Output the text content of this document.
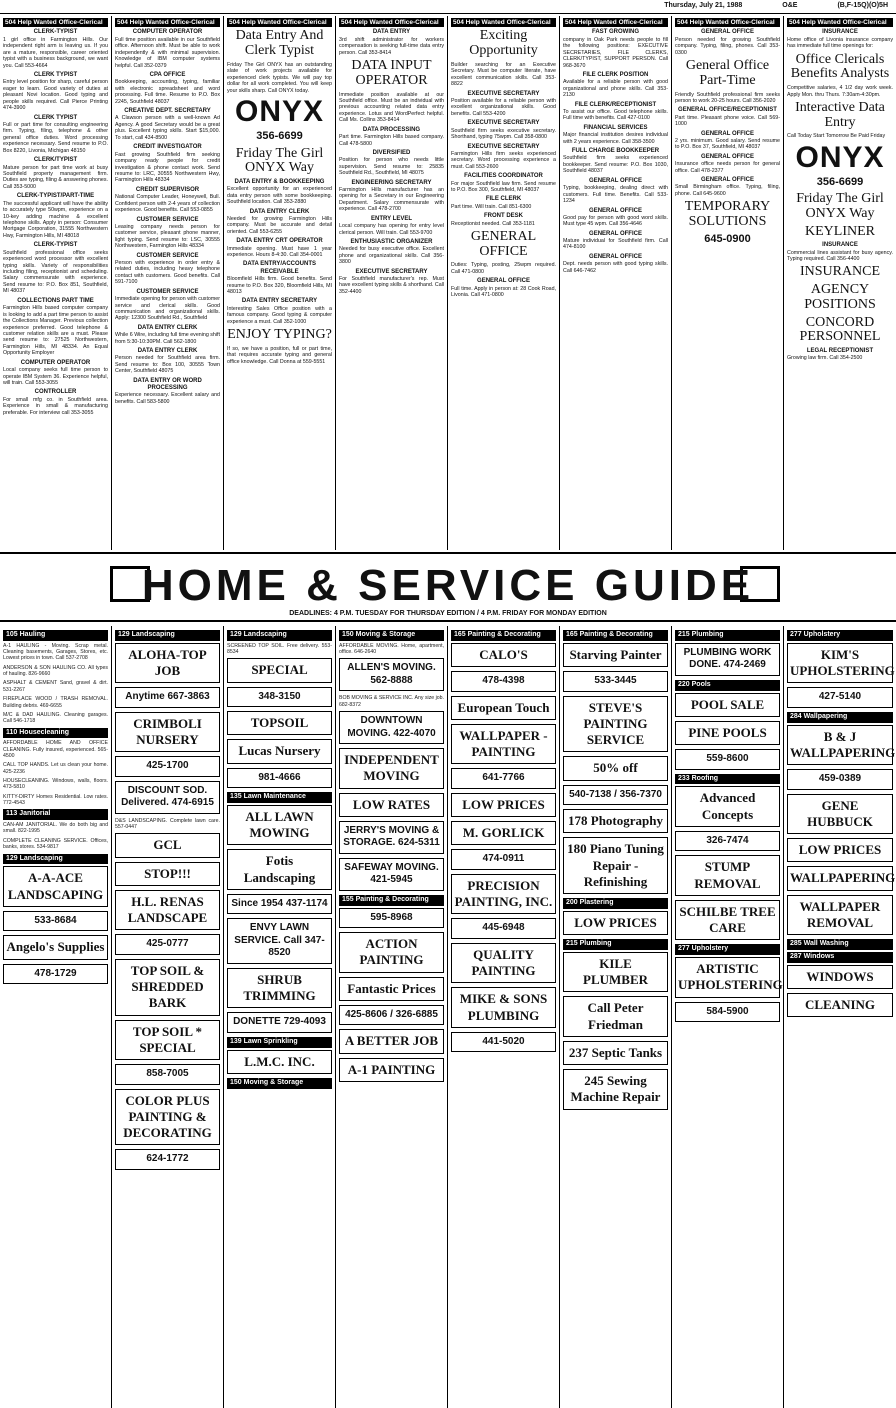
Thursday, July 21, 1988	O&E	(B,F-15Q)(O)5H
504 Help Wanted Office-Clerical
CLERK-TYPIST
1 girl office in Farmington Hills. Our independent right arm is leaving us. If you are a mature, responsible, career oriented typist with a business background, we want you. Call 553-4664
CLERK TYPIST
Entry level position for sharp, careful person eager to learn. Good variety of duties at pleasant Novi location. Good typing and people skills required. Call Pierce Printing 474-3900
CLERK TYPIST
Full or part time for consulting engineering firm. Typing, filing, telephone & other general office duties. Word processing experience necessary. Send resume to P.O. Box 8220, Livonia, Michigan 48150
CLERK/TYPIST
Mature person for part time work at busy Southfield property management firm. Duties are typing, filing & answering phones. Call 353-5000
CLERK-TYPIST/PART-TIME
The successful applicant will have the ability to accurately type 50wpm, experience on a 10-key adding machine & excellent telephone skills. Apply in person: Consumer Mortgage Corporation, 31555 Northwestern Hwy, Farmington Hills, MI 48018
CLERK-TYPIST
Southfield professional office seeks experienced word processor with excellent typing skills. Variety of responsibilities including filing, receptionist and scheduling. Salary commensurate with experience. Send resume to: P.O. Box 851, Southfield, MI 48037
COLLECTIONS PART TIME
Farmington Hills based computer company is looking to add a part time person to assist the Collections Manager. Previous collection experience preferred. Good telephone & customer relation skills are a must. Please send resume to: 27525 Northwestern, Farmington Hills, MI 48334. An Equal Opportunity Employer
COMPUTER OPERATOR
Local company seeks full time person to operate IBM System 36. Experience helpful, will train. Call 553-3055
CONTROLLER
For small mfg co. in Southfield area. Experience in small & manufacturing preferable. For interview call 353-3055
504 Help Wanted Office-Clerical
COMPUTER OPERATOR
Full time position available in our Southfield office. Afternoon shift. Must be able to work independently & with minimal supervision. Knowledge of IBM computer systems helpful. Call 352-0379
CPA OFFICE
Bookkeeping, accounting, typing, familiar with electronic spreadsheet and word processing. Full time. Resume to P.O. Box 2245, Southfield 48037
CREATIVE DEPT. SECRETARY
A Clawson person with a well-known Ad Agency. A good Secretary would be a great plus. Excellent typing skills. Start $15,000. To start, call 434-8500
CREDIT INVESTIGATOR
Fast growing Southfield firm seeking company ready people for credit investigation & phone contact work. Send resume to: LRC, 30555 Northwestern Hwy, Farmington Hills 48334
CREDIT SUPERVISOR
National Computer Leader, Honeywell, Bull. Confident person with 2-4 years of collection experience. Good benefits. Call 553-0855
CUSTOMER SERVICE
Leasing company needs person for customer service, pleasant phone manner, light typing. Send resume to: LSC, 30555 Northwestern, Farmington Hills 48334
CUSTOMER SERVICE
Person with experience in order entry & related duties, including heavy telephone contact with customers. Good benefits. Call 591-7100
CUSTOMER SERVICE
Immediate opening for person with customer service and clerical skills. Good communication and organizational skills. Apply: 12300 Southfield Rd., Southfield
DATA ENTRY CLERK
While 6 Wire, including full time evening shift from 5:30-10:30PM. Call 562-1800
DATA ENTRY CLERK
Person needed for Southfield area firm. Send resume to: Box 100, 30555 Town Center, Southfield 48075
DATA ENTRY OR WORD PROCESSING
Experience necessary. Excellent salary and benefits. Call 583-5800
504 Help Wanted Office-Clerical
Data Entry And Clerk Typist
Friday The Girl ONYX has an outstanding slate of work projects available for experienced clerk typists. We will pay top dollar for all work completed. You will keep your skills sharp. Call ONYX today.
ONYX
356-6699
Friday The Girl ONYX Way
DATA ENTRY & BOOKKEEPING
Excellent opportunity for an experienced data entry person with some bookkeeping. Southfield location. Call 353-2880
DATA ENTRY CLERK
Needed for growing Farmington Hills company. Must be accurate and detail oriented. Call 553-6255
DATA ENTRY CRT OPERATOR
Immediate opening. Must have 1 year experience. Hours 8-4:30. Call 354-0001
DATA ENTRY/ACCOUNTS RECEIVABLE
Bloomfield Hills firm. Good benefits. Send resume to P.O. Box 320, Bloomfield Hills, MI 48013
DATA ENTRY SECRETARY
Interesting Sales Office position with a famous company. Good typing & computer experience a must. Call 352-1000
ENJOY TYPING?
If so, we have a position, full or part time, that requires accurate typing and general office knowledge. Call Donna at 559-5551
504 Help Wanted Office-Clerical
DATA ENTRY
3rd shift administrator for workers compensation is seeking full-time data entry person. Call 353-8414
DATA INPUT OPERATOR
Immediate position available at our Southfield office. Must be an individual with previous accounting related data entry experience. Lotus and WordPerfect helpful. Call Ms. Collins 353-8414
DATA PROCESSING
Part time. Farmington Hills based company. Call 478-5800
DIVERSIFIED
Position for person who needs little supervision. Send resume to: 25835 Southfield Rd., Southfield, MI 48075
ENGINEERING SECRETARY
Farmington Hills manufacturer has an opening for a Secretary in our Engineering Department. Salary commensurate with experience. Call 478-2700
ENTRY LEVEL
Local company has opening for entry level clerical person. Will train. Call 553-9700
ENTHUSIASTIC ORGANIZER
Needed for busy executive office. Excellent phone and organizational skills. Call 356-3800
EXECUTIVE SECRETARY
For Southfield manufacturer's rep. Must have excellent typing skills & shorthand. Call 352-4400
504 Help Wanted Office-Clerical
Exciting Opportunity
Builder searching for an Executive Secretary. Must be computer literate, have excellent communication skills. Call 353-8822
EXECUTIVE SECRETARY
Position available for a reliable person with excellent organizational skills. Good benefits. Call 553-4200
EXECUTIVE SECRETARY
Southfield firm seeks executive secretary. Shorthand, typing 75wpm. Call 358-0800
EXECUTIVE SECRETARY
Farmington Hills firm seeks experienced secretary. Word processing experience a must. Call 553-2600
FACILITIES COORDINATOR
For major Southfield law firm. Send resume to P.O. Box 300, Southfield, MI 48037
FILE CLERK
Part time. Will train. Call 851-6300
FRONT DESK
Receptionist needed. Call 353-1181
GENERAL OFFICE
Duties: Typing, posting, 25wpm required. Call 471-0800
GENERAL OFFICE
Full time. Apply in person at: 28 Cook Road, Livonia. Call 471-0800
504 Help Wanted Office-Clerical
FAST GROWING
company in Oak Park needs people to fill the following positions: EXECUTIVE SECRETARIES, FILE CLERKS, CLERK/TYPIST, SUPPORT PERSON. Call 968-3670
FILE CLERK POSITION
Available for a reliable person with good organizational and phone skills. Call 353-2130
FILE CLERK/RECEPTIONIST
To assist our office. Good telephone skills. Full time with benefits. Call 427-0100
FINANCIAL SERVICES
Major financial institution desires individual with 2 years experience. Call 358-3500
FULL CHARGE BOOKKEEPER
Southfield firm seeks experienced bookkeeper. Send resume: P.O. Box 1030, Southfield 48037
GENERAL OFFICE
Typing, bookkeeping, dealing direct with customers. Full time. Benefits. Call 533-1234
GENERAL OFFICE
Good pay for person with good word skills. Must type 45 wpm. Call 356-4646
GENERAL OFFICE
Mature individual for Southfield firm. Call 474-8100
GENERAL OFFICE
Dept. needs person with good typing skills. Call 646-7462
504 Help Wanted Office-Clerical
GENERAL OFFICE
Person needed for growing Southfield company. Typing, filing, phones. Call 353-0300
General Office Part-Time
Friendly Southfield professional firm seeks person to work 20-25 hours. Call 356-2020
GENERAL OFFICE/RECEPTIONIST
Part time. Pleasant phone voice. Call 569-1000
GENERAL OFFICE
2 yrs. minimum. Good salary. Send resume to P.O. Box 37, Southfield, MI 48037
GENERAL OFFICE
Insurance office needs person for general office. Call 478-2377
GENERAL OFFICE
Small Birmingham office. Typing, filing, phone. Call 645-9600
TEMPORARY SOLUTIONS
645-0900
504 Help Wanted Office-Clerical
INSURANCE
Home office of Livonia insurance company has immediate full time openings for:
Office Clericals Benefits Analysts
Competitive salaries, 4 1/2 day work week. Apply Mon. thru Thurs. 7:30am-4:30pm.
Interactive Data Entry
Call Today Start Tomorrow Be Paid Friday
ONYX
356-6699
Friday The Girl ONYX Way
KEYLINER
INSURANCE
Commercial lines assistant for busy agency. Typing required. Call 356-4400
INSURANCE
AGENCY POSITIONS
CONCORD PERSONNEL
LEGAL RECEPTIONIST
Growing law firm. Call 354-2500
HOME & SERVICE GUIDE
DEADLINES: 4 P.M. TUESDAY FOR THURSDAY EDITION / 4 P.M. FRIDAY FOR MONDAY EDITION
105 Hauling
A-1 HAULING - Moving. Scrap metal. Cleaning basements, Garages, Stores, etc. Lowest prices in town. Call 537-2708
ANDERSON & SON HAULING CO. All types of hauling. 826-9660
ASPHALT & CEMENT Sand, gravel & dirt. 531-2267
FIREPLACE WOOD / TRASH REMOVAL. Building debris. 469-6655
M/C & DAD HAULING. Cleaning garages. Call 546-1718
110 Housecleaning
AFFORDABLE HOME AND OFFICE CLEANING. Fully insured, experienced. 565-4500
CALL TOP HANDS. Let us clean your home. 425-2236
HOUSECLEANING. Windows, walls, floors. 473-5810
KITTY-DIRTY Homes Residential. Low rates. 772-4543
113 Janitorial
CAN-AM JANITORIAL. We do both big and small. 822-1995
COMPLETE CLEANING SERVICE. Offices, banks, stores. 534-9817
129 Landscaping
A-A-ACE LANDSCAPING
533-8684
Angelo's Supplies
478-1729
129 Landscaping
ALOHA-TOP JOB
Anytime 667-3863
CRIMBOLI NURSERY
425-1700
DISCOUNT SOD. Delivered. 474-6915
D&S LANDSCAPING. Complete lawn care. 557-0447
GCL
STOP!!!
H.L. RENAS LANDSCAPE
425-0777
TOP SOIL & SHREDDED BARK
TOP SOIL * SPECIAL
858-7005
COLOR PLUS PAINTING & DECORATING
624-1772
129 Landscaping
SCREENED TOP SOIL. Free delivery. 553-8534
SPECIAL
348-3150
TOPSOIL
Lucas Nursery
981-4666
135 Lawn Maintenance
ALL LAWN MOWING
Fotis Landscaping
Since 1954 437-1174
ENVY LAWN SERVICE. Call 347-8520
SHRUB TRIMMING
DONETTE 729-4093
139 Lawn Sprinkling
L.M.C. INC.
150 Moving & Storage
150 Moving & Storage
AFFORDABLE MOVING. Home, apartment, office. 646-2640
ALLEN'S MOVING. 562-8888
BOB MOVING & SERVICE INC. Any size job. 682-8372
DOWNTOWN MOVING. 422-4070
INDEPENDENT MOVING
LOW RATES
JERRY'S MOVING & STORAGE. 624-5311
SAFEWAY MOVING. 421-5945
155 Painting & Decorating
595-8968
ACTION PAINTING
Fantastic Prices
425-8606 / 326-6885
A BETTER JOB
A-1 PAINTING
165 Painting & Decorating
CALO'S
478-4398
European Touch
WALLPAPER - PAINTING
641-7766
LOW PRICES
M. GORLICK
474-0911
PRECISION PAINTING, INC.
445-6948
QUALITY PAINTING
MIKE & SONS PLUMBING
441-5020
165 Painting & Decorating
Starving Painter
533-3445
STEVE'S PAINTING SERVICE
50% off
540-7138 / 356-7370
178 Photography
180 Piano Tuning Repair - Refinishing
200 Plastering
LOW PRICES
215 Plumbing
KILE PLUMBER
Call Peter Friedman
237 Septic Tanks
245 Sewing Machine Repair
215 Plumbing
PLUMBING WORK DONE. 474-2469
220 Pools
POOL SALE
PINE POOLS
559-8600
233 Roofing
Advanced Concepts
326-7474
STUMP REMOVAL
SCHILBE TREE CARE
277 Upholstery
ARTISTIC UPHOLSTERING
584-5900
277 Upholstery
KIM'S UPHOLSTERING
427-5140
284 Wallpapering
B & J WALLPAPERING
459-0389
GENE HUBBUCK
LOW PRICES
WALLPAPERING
WALLPAPER REMOVAL
285 Wall Washing
287 Windows
WINDOWS
CLEANING
